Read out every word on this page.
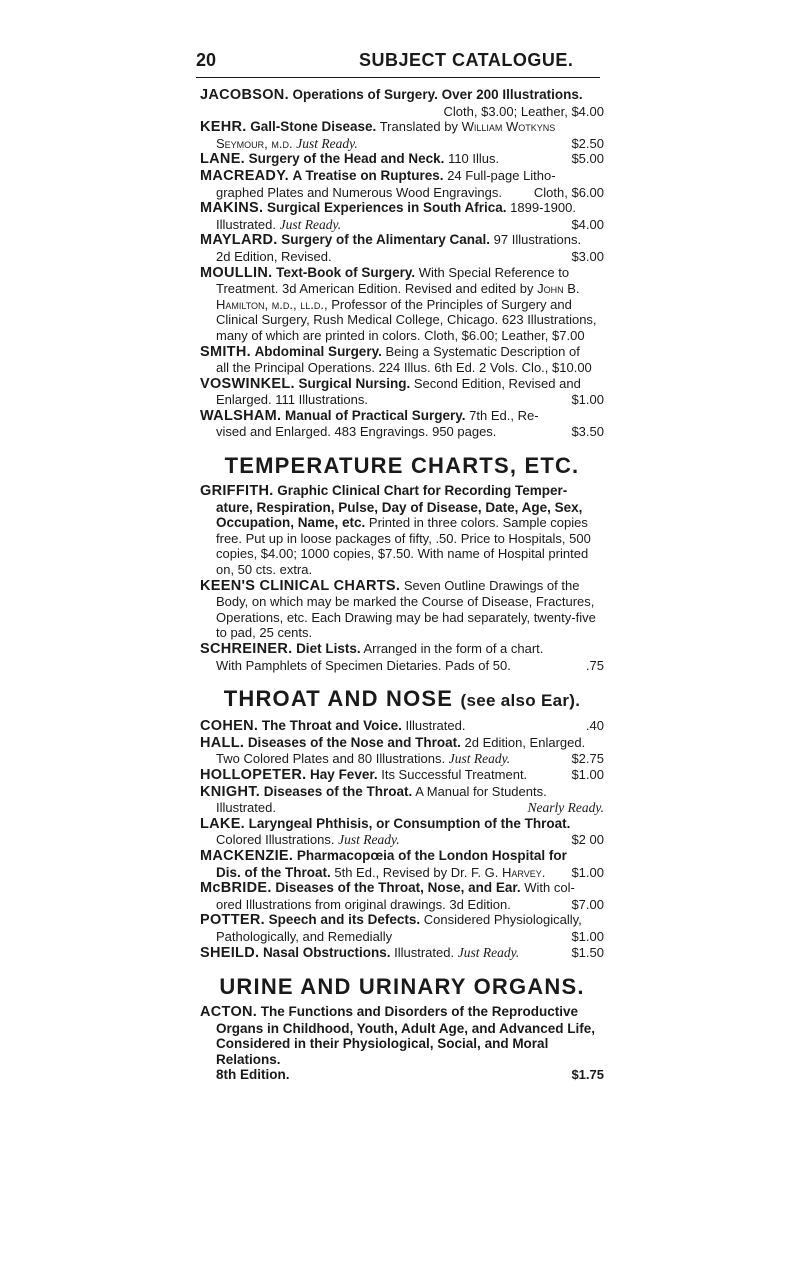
20	SUBJECT CATALOGUE.
JACOBSON. Operations of Surgery. Over 200 Illustrations.
Cloth, $3.00; Leather, $4.00
KEHR. Gall-Stone Disease. Translated by William Wotkyns
Seymour, m.d. Just Ready.	$2.50
LANE. Surgery of the Head and Neck. 110 Illus.	$5.00
MACREADY. A Treatise on Ruptures. 24 Full-page Litho-
graphed Plates and Numerous Wood Engravings.	Cloth, $6.00
MAKINS. Surgical Experiences in South Africa. 1899-1900.
Illustrated. Just Ready.	$4.00
MAYLARD. Surgery of the Alimentary Canal. 97 Illustrations.
2d Edition, Revised.	$3.00
MOULLIN. Text-Book of Surgery. With Special Reference to
Treatment. 3d American Edition. Revised and edited by John B.
Hamilton, m.d., ll.d., Professor of the Principles of Surgery and
Clinical Surgery, Rush Medical College, Chicago. 623 Illustrations,
many of which are printed in colors. Cloth, $6.00; Leather, $7.00
SMITH. Abdominal Surgery. Being a Systematic Description of
all the Principal Operations. 224 Illus. 6th Ed. 2 Vols. Clo., $10.00
VOSWINKEL. Surgical Nursing. Second Edition, Revised and
Enlarged. 111 Illustrations.	$1.00
WALSHAM. Manual of Practical Surgery. 7th Ed., Re-
vised and Enlarged. 483 Engravings. 950 pages.	$3.50
TEMPERATURE CHARTS, ETC.
GRIFFITH. Graphic Clinical Chart for Recording Temper-
ature, Respiration, Pulse, Day of Disease, Date, Age, Sex,
Occupation, Name, etc. Printed in three colors. Sample copies
free. Put up in loose packages of fifty, .50. Price to Hospitals, 500
copies, $4.00; 1000 copies, $7.50. With name of Hospital printed
on, 50 cts. extra.
KEEN'S CLINICAL CHARTS. Seven Outline Drawings of the
Body, on which may be marked the Course of Disease, Fractures,
Operations, etc. Each Drawing may be had separately, twenty-five
to pad, 25 cents.
SCHREINER. Diet Lists. Arranged in the form of a chart.
With Pamphlets of Specimen Dietaries. Pads of 50.	.75
THROAT AND NOSE (see also Ear).
COHEN. The Throat and Voice. Illustrated.	.40
HALL. Diseases of the Nose and Throat. 2d Edition, Enlarged.
Two Colored Plates and 80 Illustrations. Just Ready.	$2.75
HOLLOPETER. Hay Fever. Its Successful Treatment.	$1.00
KNIGHT. Diseases of the Throat. A Manual for Students.
Illustrated.	Nearly Ready.
LAKE. Laryngeal Phthisis, or Consumption of the Throat.
Colored Illustrations. Just Ready.	$2 00
MACKENZIE. Pharmacopœia of the London Hospital for
Dis. of the Throat. 5th Ed., Revised by Dr. F. G. Harvey.	$1.00
McBRIDE. Diseases of the Throat, Nose, and Ear. With col-
ored Illustrations from original drawings. 3d Edition.	$7.00
POTTER. Speech and its Defects. Considered Physiologically,
Pathologically, and Remedially	$1.00
SHEILD. Nasal Obstructions. Illustrated. Just Ready.	$1.50
URINE AND URINARY ORGANS.
ACTON. The Functions and Disorders of the Reproductive
Organs in Childhood, Youth, Adult Age, and Advanced Life,
Considered in their Physiological, Social, and Moral Relations.
8th Edition.	$1.75
